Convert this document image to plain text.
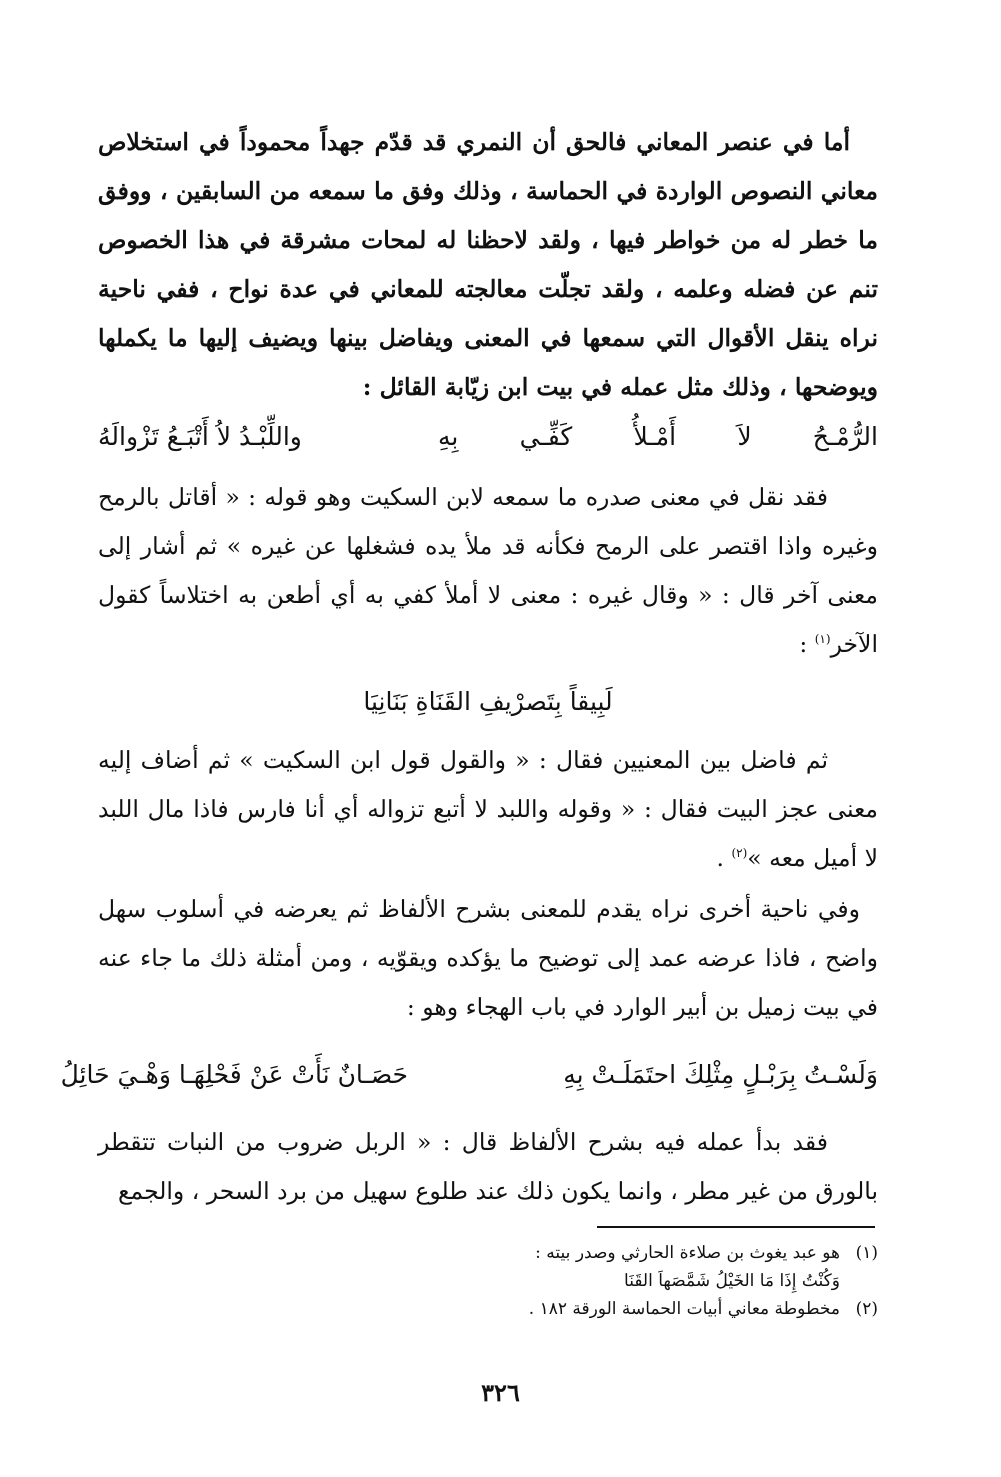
أما في عنصر المعاني فالحق أن النمري قد قدّم جهداً محموداً في استخلاص معاني النصوص الواردة في الحماسة ، وذلك وفق ما سمعه من السابقين ، ووفق ما خطر له من خواطر فيها ، ولقد لاحظنا له لمحات مشرقة في هذا الخصوص تنم عن فضله وعلمه ، ولقد تجلّت معالجته للمعاني في عدة نواح ، ففي ناحية نراه ينقل الأقوال التي سمعها في المعنى ويفاضل بينها ويضيف إليها ما يكملها ويوضحها ، وذلك مثل عمله في بيت ابن زيّابة القائل :

الرُّمْـحُ
لاَ
أَمْـلأُ
كَفِّـي
بِهِ
واللِّبْـدُ لاُ أَتْبَـعُ تَزْوالَهُ

فقد نقل في معنى صدره ما سمعه لابن السكيت وهو قوله : « أقاتل بالرمح وغيره واذا اقتصر على الرمح فكأنه قد ملأ يده فشغلها عن غيره » ثم أشار إلى معنى آخر قال : « وقال غيره : معنى لا أملأ كفي به أي أطعن به اختلاساً كقول الآخر$^{(١)}$ :

لَبِيقاً بِتَصرْيفِ القَنَاةِ بَنَانِيَا

ثم فاضل بين المعنيين فقال : « والقول قول ابن السكيت » ثم أضاف إليه معنى عجز البيت فقال : « وقوله واللبد لا أتبع تزواله أي أنا فارس فاذا مال اللبد لا أميل معه »$^{(٢)}$ .

وفي ناحية أخرى نراه يقدم للمعنى بشرح الألفاظ ثم يعرضه في أسلوب سهل واضح ، فاذا عرضه عمد إلى توضيح ما يؤكده ويقوّيه ، ومن أمثلة ذلك ما جاء عنه في بيت زميل بن أبير الوارد في باب الهجاء وهو :

وَلَسْـتُ بِرَبْـلٍ مِثْلِكَ احتَمَلَـتْ بِهِ
حَصَـانٌ نَأَتْ عَنْ فَحْلِهَـا وَهْـيَ حَائِلُ

فقد بدأ عمله فيه بشرح الألفاظ قال : « الربل ضروب من النبات تتقطر بالورق من غير مطر ، وانما يكون ذلك عند طلوع سهيل من برد السحر ، والجمع

(١)هو عبد يغوث بن صلاءة الحارثي وصدر بيته :
وَكُنْتُ إِذَا مَا الخَيْلُ شَمَّصَهاَ القَنَا
(٢)مخطوطة معاني أبيات الحماسة الورقة ١٨٢ .
٣٢٦
